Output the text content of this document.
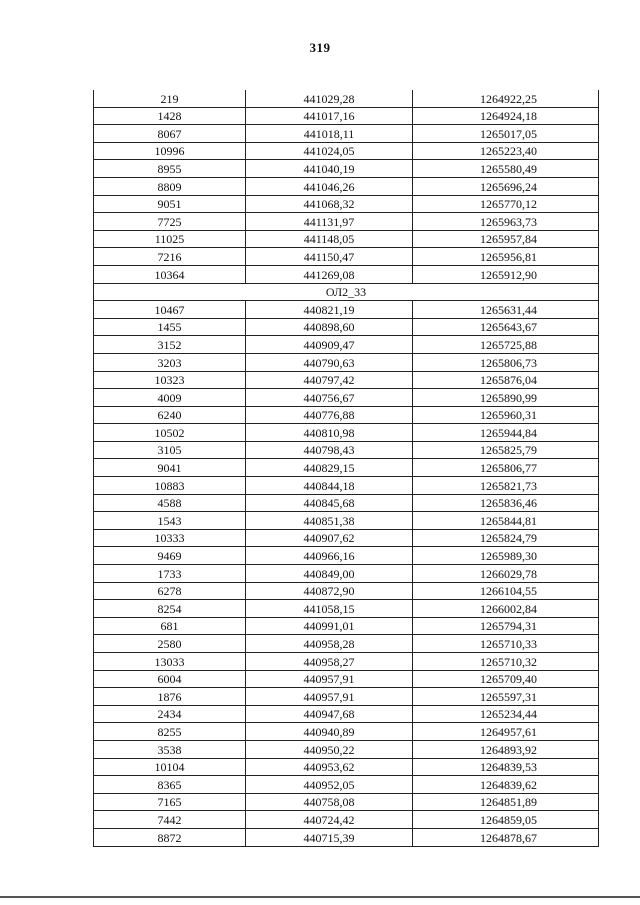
319
219	441029,28	1264922,25
1428	441017,16	1264924,18
8067	441018,11	1265017,05
10996	441024,05	1265223,40
8955	441040,19	1265580,49
8809	441046,26	1265696,24
9051	441068,32	1265770,12
7725	441131,97	1265963,73
11025	441148,05	1265957,84
7216	441150,47	1265956,81
10364	441269,08	1265912,90
ОЛ2_33		
10467	440821,19	1265631,44
1455	440898,60	1265643,67
3152	440909,47	1265725,88
3203	440790,63	1265806,73
10323	440797,42	1265876,04
4009	440756,67	1265890,99
6240	440776,88	1265960,31
10502	440810,98	1265944,84
3105	440798,43	1265825,79
9041	440829,15	1265806,77
10883	440844,18	1265821,73
4588	440845,68	1265836,46
1543	440851,38	1265844,81
10333	440907,62	1265824,79
9469	440966,16	1265989,30
1733	440849,00	1266029,78
6278	440872,90	1266104,55
8254	441058,15	1266002,84
681	440991,01	1265794,31
2580	440958,28	1265710,33
13033	440958,27	1265710,32
6004	440957,91	1265709,40
1876	440957,91	1265597,31
2434	440947,68	1265234,44
8255	440940,89	1264957,61
3538	440950,22	1264893,92
10104	440953,62	1264839,53
8365	440952,05	1264839,62
7165	440758,08	1264851,89
7442	440724,42	1264859,05
8872	440715,39	1264878,67
